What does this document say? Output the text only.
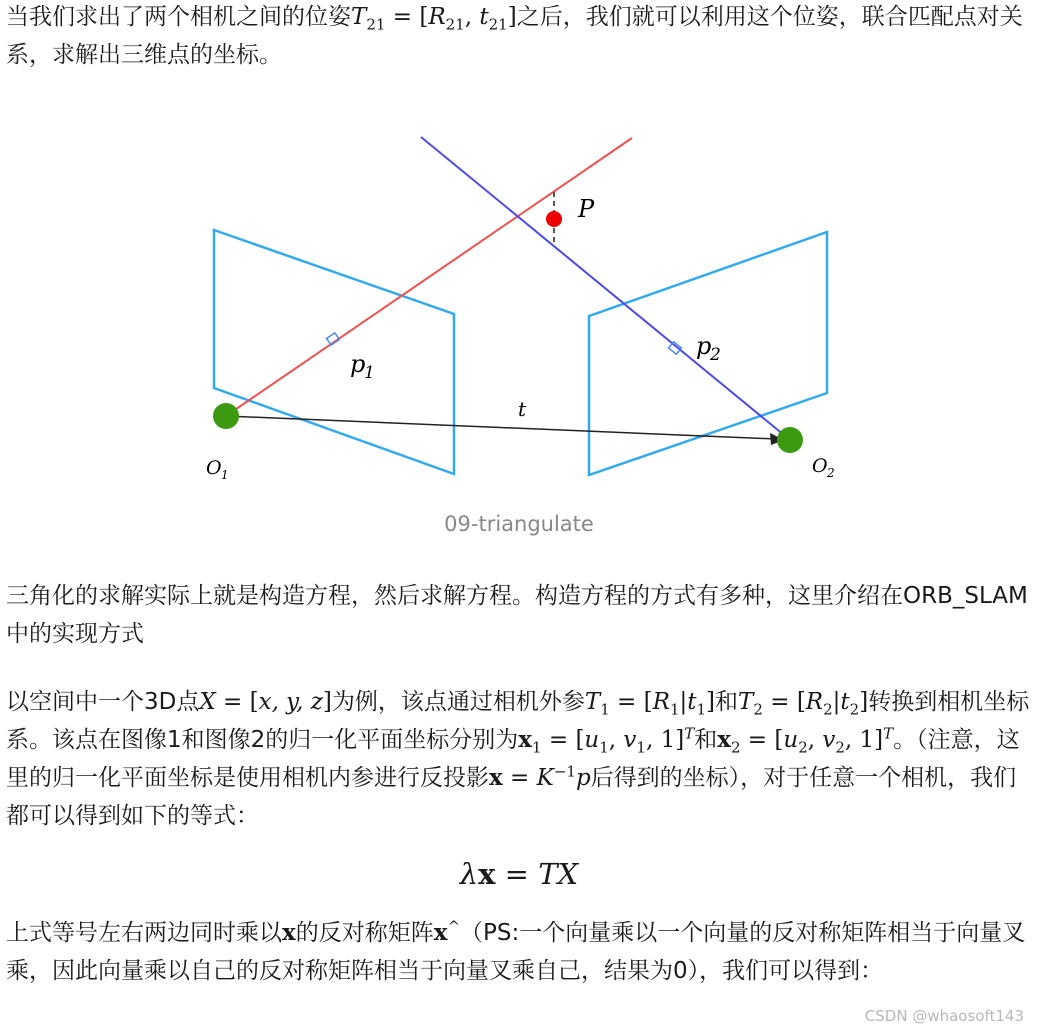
当我们求出了两个相机之间的位姿$T_{21} = [R_{21}$, $t_{21}$]之后，我们就可以利用这个位姿，联合匹配点对关系，求解出三维点的坐标。
P
p
1
p
2
t
O 1	O 2
09-triangulate
三角化的求解实际上就是构造方程，然后求解方程。构造方程的方式有多种，这里介绍在ORB_SLAM中的实现方式
以空间中一个3D点X = [x, y, z]为例，该点通过相机外参$T_1 = [R_1|t_1]$和$T_2 = [R_2|t_2]$转换到相机坐标系。该点在图像1和图像2的归一化平面坐标分别为$x_1 = [u_1$, $v_1$, 1]$^T$和$x_2 = [u_2$, $v_2$, 1]$^T$。（注意，这里的归一化平面坐标是使用相机内参进行反投影$x = K^{-1}p$后得到的坐标），对于任意一个相机，我们都可以得到如下的等式：
λx = TX
上式等号左右两边同时乘以x的反对称矩阵x^（PS:一个向量乘以一个向量的反对称矩阵相当于向量叉乘，因此向量乘以自己的反对称矩阵相当于向量叉乘自己，结果为0），我们可以得到：
CSDN @whaosoft143
